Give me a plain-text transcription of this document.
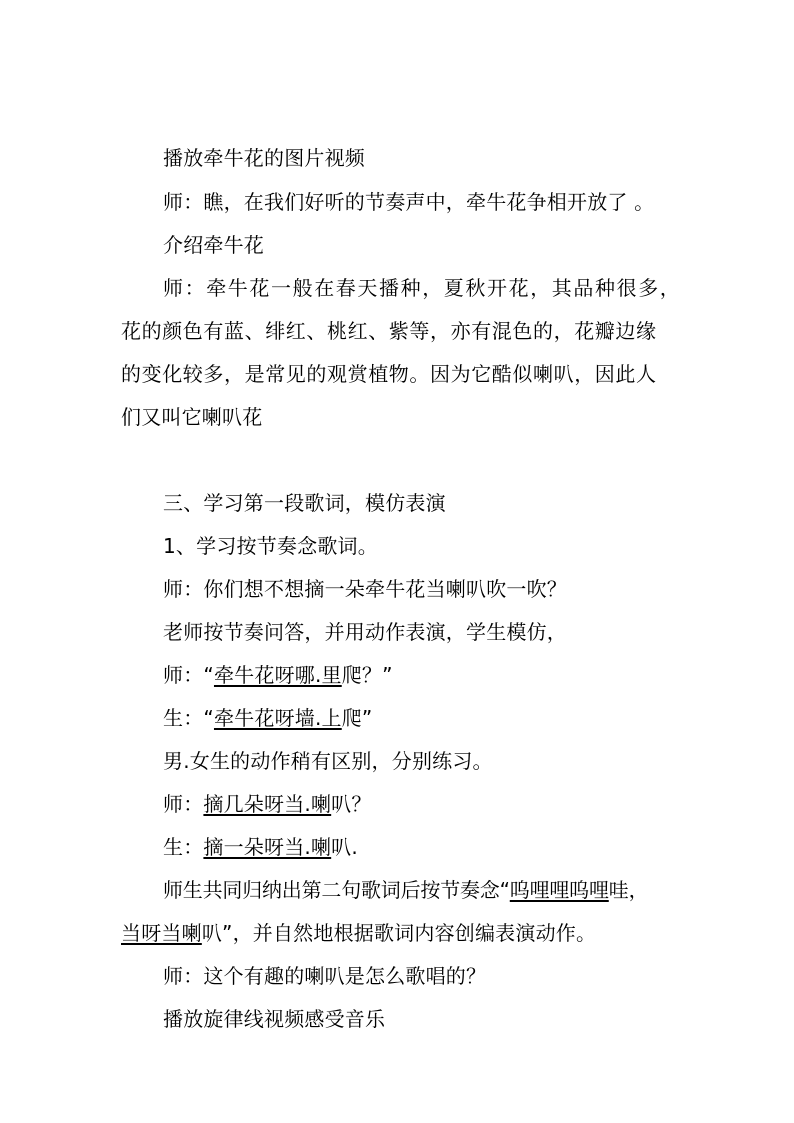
播放牵牛花的图片视频
师：瞧，在我们好听的节奏声中，牵牛花争相开放了 。
介绍牵牛花
师：牵牛花一般在春天播种，夏秋开花，其品种很多，
花的颜色有蓝、绯红、桃红、紫等，亦有混色的，花瓣边缘
的变化较多，是常见的观赏植物。因为它酷似喇叭，因此人
们又叫它喇叭花
三、学习第一段歌词，模仿表演
1、学习按节奏念歌词。
师：你们想不想摘一朵牵牛花当喇叭吹一吹？
老师按节奏问答，并用动作表演，学生模仿，
师：“牵牛花呀哪.里爬？”
生：“牵牛花呀墙.上爬”
男.女生的动作稍有区别，分别练习。
师：摘几朵呀当.喇叭？
生：摘一朵呀当.喇叭.
师生共同归纳出第二句歌词后按节奏念“呜哩哩呜哩哇，
当呀当喇叭”，并自然地根据歌词内容创编表演动作。
师：这个有趣的喇叭是怎么歌唱的？
播放旋律线视频感受音乐
